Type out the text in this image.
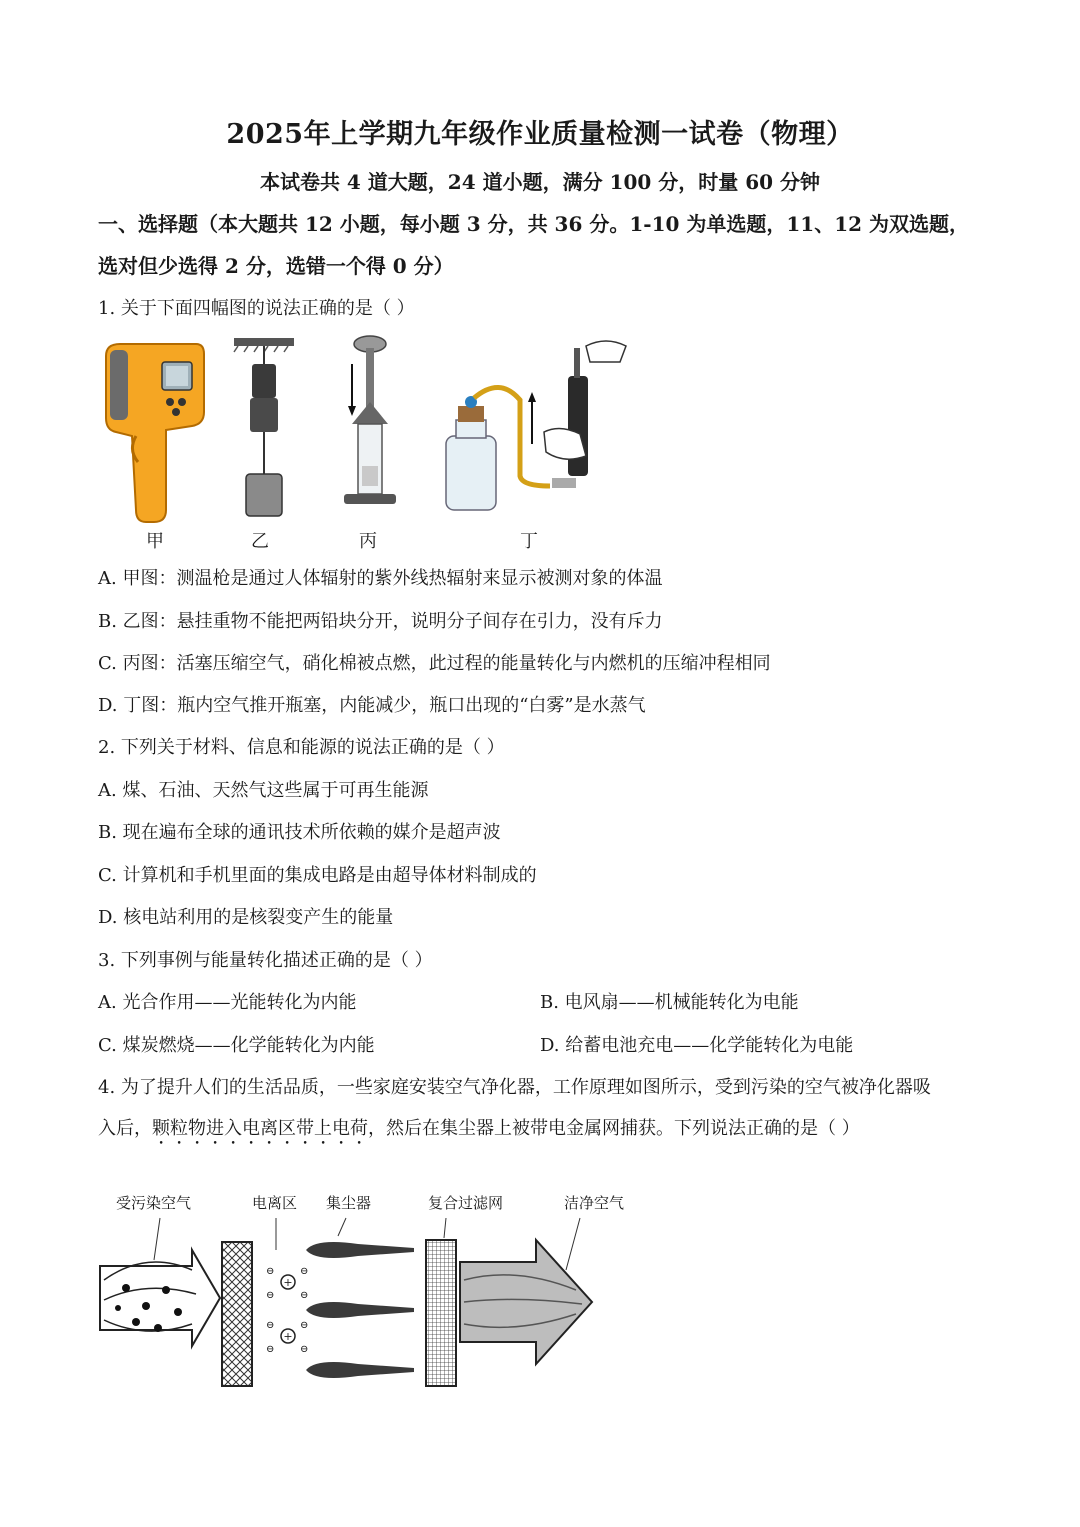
2025年上学期九年级作业质量检测一试卷（物理）
本试卷共 4 道大题，24 道小题，满分 100 分，时量 60 分钟
一、选择题（本大题共 12 小题，每小题 3 分，共 36 分。1-10 为单选题，11、12 为双选题，
选对但少选得 2 分，选错一个得 0 分）
1. 关于下面四幅图的说法正确的是（ ）
甲	乙	丙	丁
A. 甲图：测温枪是通过人体辐射的紫外线热辐射来显示被测对象的体温
B. 乙图：悬挂重物不能把两铅块分开，说明分子间存在引力，没有斥力
C. 丙图：活塞压缩空气，硝化棉被点燃，此过程的能量转化与内燃机的压缩冲程相同
D. 丁图：瓶内空气推开瓶塞，内能减少，瓶口出现的“白雾”是水蒸气
2. 下列关于材料、信息和能源的说法正确的是（ ）
A. 煤、石油、天然气这些属于可再生能源
B. 现在遍布全球的通讯技术所依赖的媒介是超声波
C. 计算机和手机里面的集成电路是由超导体材料制成的
D. 核电站利用的是核裂变产生的能量
3. 下列事例与能量转化描述正确的是（ ）
A. 光合作用——光能转化为内能	B. 电风扇——机械能转化为电能
C. 煤炭燃烧——化学能转化为内能	D. 给蓄电池充电——化学能转化为电能
4. 为了提升人们的生活品质，一些家庭安装空气净化器，工作原理如图所示，受到污染的空气被净化器吸
入后，颗粒物进入电离区带上电荷，然后在集尘器上被带电金属网捕获。下列说法正确的是（ ）
受污染空气	电离区 集尘器	复合过滤网	洁净空气
+
+
⊖	⊖
⊖	⊖
⊖	⊖
⊖	⊖
